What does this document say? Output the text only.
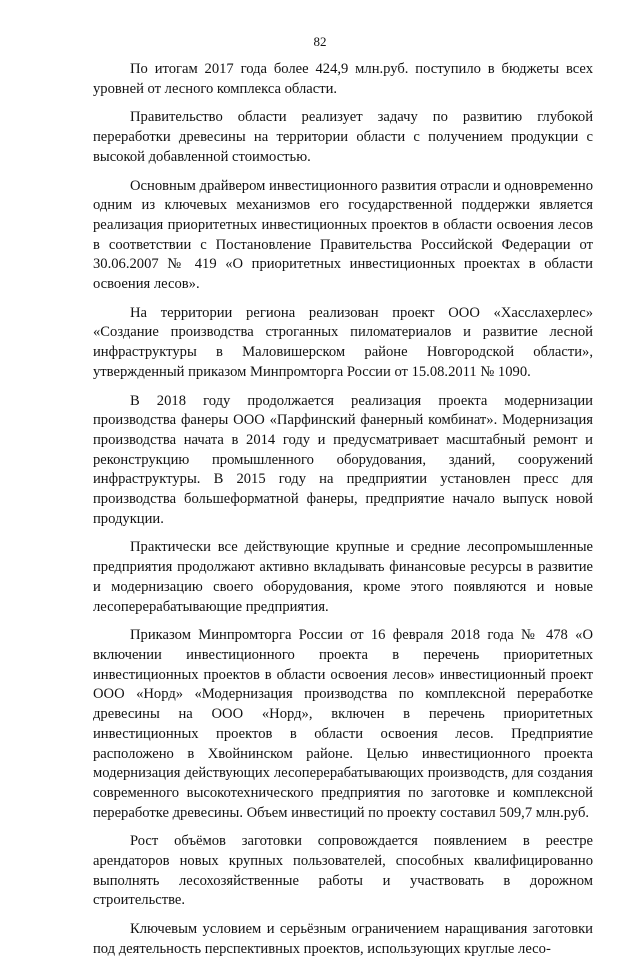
82

По итогам 2017 года более 424,9 млн.руб. поступило в бюджеты всех уровней от лесного комплекса области.

Правительство области реализует задачу по развитию глубокой переработки древесины на территории области с получением продукции с высокой добавленной стоимостью.

Основным драйвером инвестиционного развития отрасли и одновременно одним из ключевых механизмов его государственной поддержки является реализация приоритетных инвестиционных проектов в области освоения лесов в соответствии с Постановление Правительства Российской Федерации от 30.06.2007 № 419 «О приоритетных инвестиционных проектах в области освоения лесов».

На территории региона реализован проект ООО «Хасслахерлес» «Создание производства строганных пиломатериалов и развитие лесной инфраструктуры в Маловишерском районе Новгородской области», утвержденный приказом Минпромторга России от 15.08.2011 № 1090.

В 2018 году продолжается реализация проекта модернизации производства фанеры ООО «Парфинский фанерный комбинат». Модернизация производства начата в 2014 году и предусматривает масштабный ремонт и реконструкцию промышленного оборудования, зданий, сооружений инфраструктуры. В 2015 году на предприятии установлен пресс для производства большеформатной фанеры, предприятие начало выпуск новой продукции.

Практически все действующие крупные и средние лесопромышленные предприятия продолжают активно вкладывать финансовые ресурсы в развитие и модернизацию своего оборудования, кроме этого появляются и новые лесоперерабатывающие предприятия.

Приказом Минпромторга России от 16 февраля 2018 года № 478 «О включении инвестиционного проекта в перечень приоритетных инвестиционных проектов в области освоения лесов» инвестиционный проект ООО «Норд» «Модернизация производства по комплексной переработке древесины на ООО «Норд», включен в перечень приоритетных инвестиционных проектов в области освоения лесов. Предприятие расположено в Хвойнинском районе. Целью инвестиционного проекта модернизация действующих лесоперерабатывающих производств, для создания современного высокотехнического предприятия по заготовке и комплексной переработке древесины. Объем инвестиций по проекту составил 509,7 млн.руб.

Рост объёмов заготовки сопровождается появлением в реестре арендаторов новых крупных пользователей, способных квалифицированно выполнять лесохозяйственные работы и участвовать в дорожном строительстве.

Ключевым условием и серьёзным ограничением наращивания заготовки под деятельность перспективных проектов, использующих круглые лесо-
